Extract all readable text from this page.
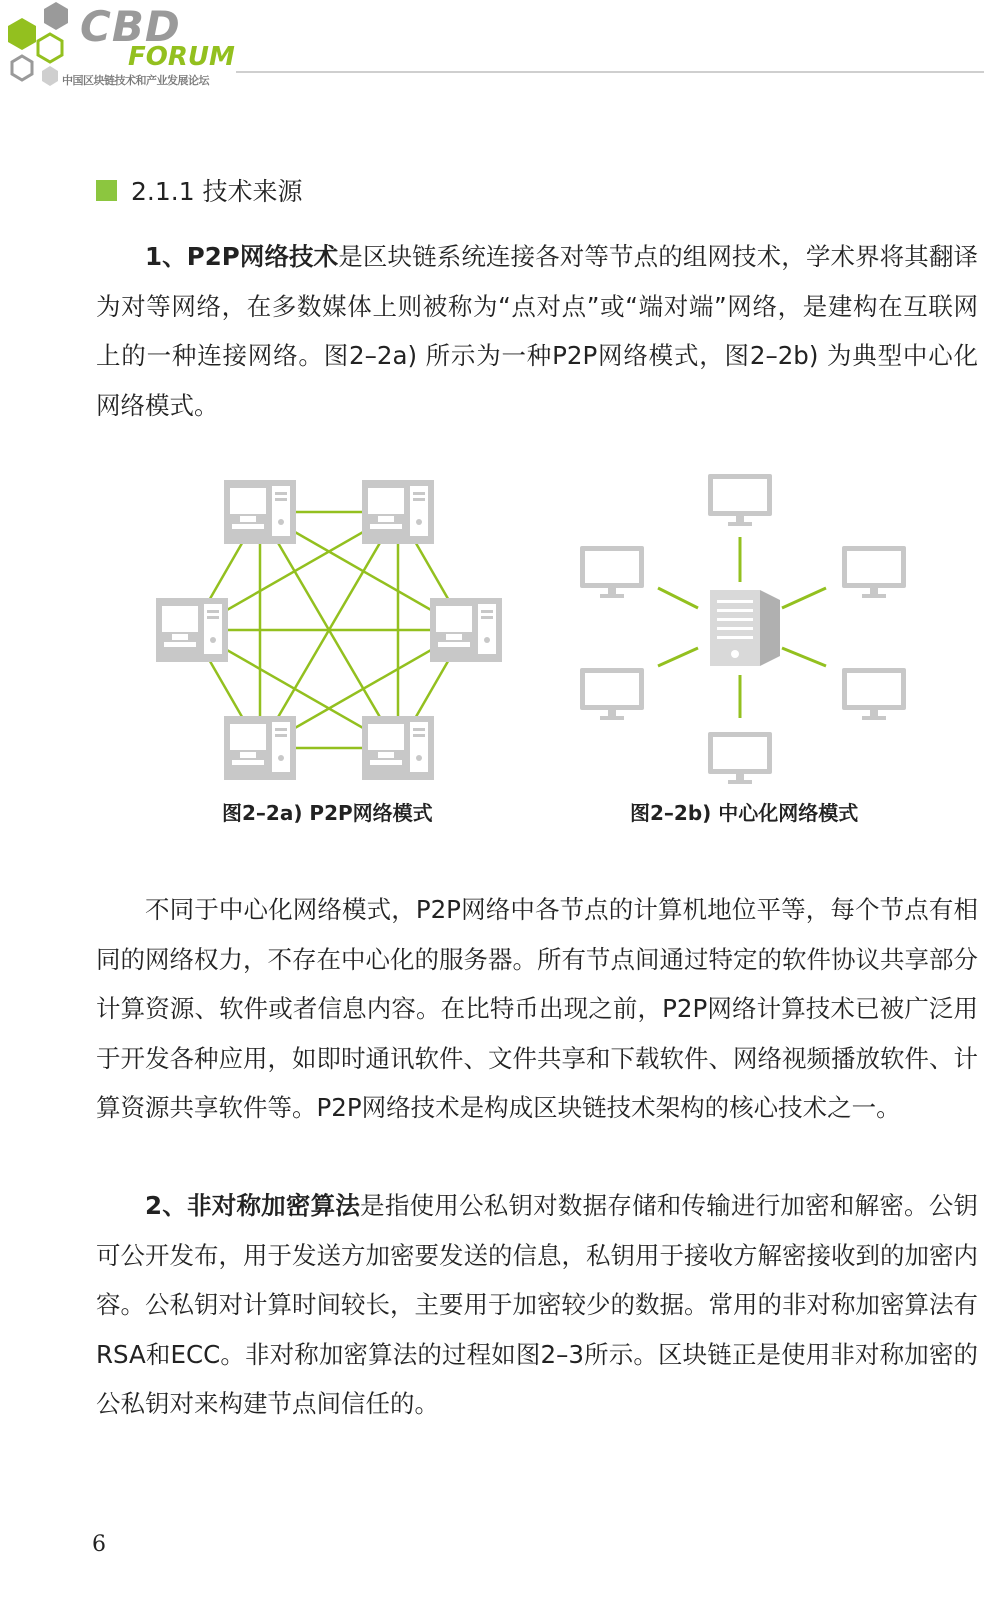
CBD
FORUM
中国区块链技术和产业发展论坛
2.1.1 技术来源

1、P2P网络技术是区块链系统连接各对等节点的组网技术，学术界将其翻译为对等网络，在多数媒体上则被称为“点对点”或“端对端”网络，是建构在互联网上的一种连接网络。图2–2a) 所示为一种P2P网络模式，图2–2b) 为典型中心化网络模式。

图2–2a) P2P网络模式	图2–2b) 中心化网络模式

不同于中心化网络模式，P2P网络中各节点的计算机地位平等，每个节点有相同的网络权力，不存在中心化的服务器。所有节点间通过特定的软件协议共享部分计算资源、软件或者信息内容。在比特币出现之前，P2P网络计算技术已被广泛用于开发各种应用，如即时通讯软件、文件共享和下载软件、网络视频播放软件、计算资源共享软件等。P2P网络技术是构成区块链技术架构的核心技术之一。

2、非对称加密算法是指使用公私钥对数据存储和传输进行加密和解密。公钥可公开发布，用于发送方加密要发送的信息，私钥用于接收方解密接收到的加密内容。公私钥对计算时间较长，主要用于加密较少的数据。常用的非对称加密算法有RSA和ECC。非对称加密算法的过程如图2–3所示。区块链正是使用非对称加密的公私钥对来构建节点间信任的。

6
